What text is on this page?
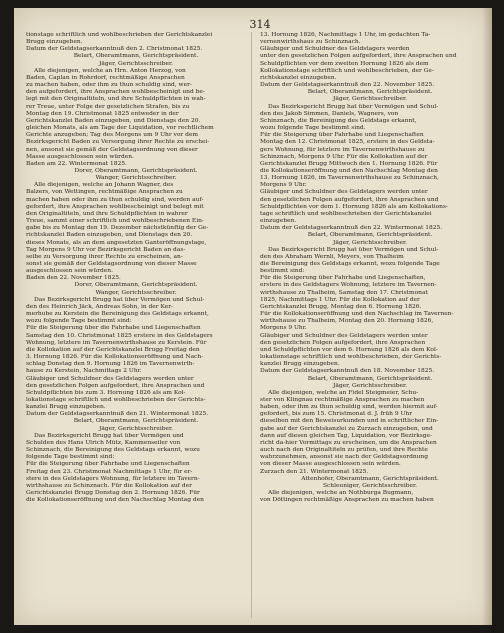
314
tionstage schriftlich und wohlbeschrieben der Gerichtskanzlei
Brugg einzugeben.
Datum der Geldstagserkanntnuß den 2. Christmonat 1825.
Belart, Oberamtmann, Gerichtspräsident.
Jäger, Gerichtsschreiber.
Alle diejenigen, welche an Hrn. Anton Herzog, von
Baden, Caplan in Rohrdorf, rechtmäßige Ansprachen
zu machen haben, oder ihm zu thun schuldig sind, wer-
den aufgefordert, ihre Ansprachen wohlbescheinigt und be-
legt mit den Originaltiteln, und ihre Schuldpflichten in wah-
rer Treue, unter Folge der gesetzlichen Strafen, bis zu
Montag den 19. Christmonat 1825 entweder in der
Gerichtskanzlei Baden einzugeben, und Dienstags den 20.
gleichen Monats, als am Tage der Liquidation, vor rechtlichem
Gerichte anzugeben; Tag des Morgens um 9 Uhr vor dem
Bezirksgericht Baden zu Versorgung ihrer Rechte zu erschei-
nen, ansonst sie gemäß der Geldstagsordnung von dieser
Masse ausgeschlossen sein würden.
Baden am 22. Wintermonat 1825.
Dorer, Oberamtmann, Gerichtspräsident.
Wanger, Gerichtsschreiber.
Alle diejenigen, welche an Johann Wagner, des
Balzers, von Wettingen, rechtmäßige Ansprachen zu
machen haben oder ihm zu thun schuldig sind, werden auf-
gefordert, ihre Ansprachen wohlbescheinigt und belegt mit
den Originaltiteln, und ihre Schuldpflichten in wahrer
Treue, sammt einer schriftlich und wohlbeschriebenen Ein-
gabe bis zu Montag den 19. Dezember nächstkünftig der Ge-
richtskanzlei Baden einzugeben, und Dienstags den 20.
dieses Monats, als an dem angesetzten Ganteröffnungstage,
Tag Morgens 9 Uhr vor Bezirksgericht Baden an das-
selbe zu Versorgung ihrer Rechte zu erscheinen, an-
sonst sie gemäß der Geldstagsordnung von dieser Masse
ausgeschlossen sein würden.
Baden den 22. November 1825.
Dorer, Oberamtmann, Gerichtspräsident.
Wanger, Gerichtsschreiber.
Das Bezirksgericht Brugg hat über Vermögen und Schul-
den des Heinrich Jäck, Andreas Sohn, in der Ker-
merhube zu Kerstein die Bereinigung des Geldstags erkannt,
wozu folgende Tage bestimmt sind:
Für die Steigerung über die Fahrhabe und Liegenschaften
Samstag den 10. Christmonat 1825 erstere in des Geldstagers
Wohnung, letztere im Tavernenwirthshause zu Kerstein. Für
die Kollokation auf der Gerichtskanzlei Brugg Freitag den
3. Hornung 1826. Für die Kollokationseröffnung und Nach-
schlag Donstag den 9. Hornung 1826 im Tavernenwirth-
hause zu Kerstein, Nachmittags 2 Uhr.
Gläubiger und Schuldner des Geldstagers werden unter
den gesetzlichen Folgen aufgefordert, ihre Ansprachen und
Schuldpflichten bis zum 3. Hornung 1826 als am Kol-
lokationstage schriftlich und wohlbeschrieben der Gerichts-
kanzlei Brugg einzugeben.
Datum der Geldstagserkanntnuß den 21. Wintermonat 1825.
Belart, Oberamtmann, Gerichtspräsident.
Jäger, Gerichtsschreiber.
Das Bezirksgericht Brugg hat über Vermögen und
Schulden des Hans Ulrich Mütz, Kammenseiler von
Schinznach, die Bereinigung des Geldstags erkannt, wozu
folgende Tage bestimmt sind:
Für die Steigerung über Fahrhabe und Liegenschaften
Freitag den 23. Christmonat Nachmittags 1 Uhr, für er-
stere in des Geldstagers Wohnung, für letztere im Tavern-
wirthshause zu Schinznach. Für die Kollokation auf der
Gerichtskanzlei Brugg Donstag den 2. Hornung 1826. Für
die Kollokationseröffnung und den Nachschlag Montag den
13. Hornung 1826, Nachmittags 1 Uhr, im gedachten Ta-
vernenwirthshaus zu Schinznach.
Gläubiger und Schuldner des Geldstagers werden
unter den gesetzlichen Folgen aufgefordert, ihre Ansprachen und
Schuldpflichten vor dem zweiten Hornung 1826 als dem
Kollokationstage schriftlich und wohlbeschrieben, der Ge-
richtskanzlei einzugeben.
Datum der Geldstagserkanntnuß den 22. November 1825.
Belart, Oberamtmann, Gerichtspräsident.
Jäger, Gerichtsschreiber.
Das Bezirksgericht Brugg hat über Vermögen und Schul-
den des Jakob Simmen, Daniels, Wagners, von
Schinznach, die Bereinigung des Geldstags erkannt,
wozu folgende Tage bestimmt sind.
Für die Steigerung über Fahrhabe und Liegenschaften
Montag den 12. Christmonat 1825, erstere in des Geldsta-
gers Wohnung, für letztere im Tavernenwirthshause zu
Schinznach, Morgens 9 Uhr. Für die Kollokation auf der
Gerichtskanzlei Brugg Mittwoch den 1. Hornung 1826. Für
die Kollokationseröffnung und den Nachschlag Montag den
13. Hornung 1826, im Tavernenwirthshause zu Schinznach,
Morgens 9 Uhr.
Gläubiger und Schuldner des Geldstagers werden unter
den gesetzlichen Folgen aufgefordert, ihre Ansprachen und
Schuldpflichten vor dem 1. Hornung 1826 als am Kollokations-
tage schriftlich und wohlbeschrieben der Gerichtskanzlei
einzugeben.
Datum der Geldstagserkanntnuß den 22. Wintermonat 1825.
Belart, Oberamtmann, Gerichtspräsident.
Jäger, Gerichtsschreiber.
Das Bezirksgericht Brugg hat über Vermögen und Schul-
den des Abraham Wernli, Meyers, von Thalheim
die Bereinigung des Geldstags erkannt, wozu folgende Tage
bestimmt sind:
Für die Steigerung über Fahrhabe und Liegenschaften,
erstere in des Geldstagers Wohnung, letztere im Tavernen-
wirthshause zu Thalheim, Samstag den 17. Christmonat
1825, Nachmittags 1 Uhr. Für die Kollokation auf der
Gerichtskanzlei Brugg, Montag den 6. Hornung 1826.
Für die Kollokationseröffnung und den Nachschlag im Tavernen-
wirthshause zu Thalheim, Montag den 20. Hornung 1826,
Morgens 9 Uhr.
Gläubiger und Schuldner des Geldstagers werden unter
den gesetzlichen Folgen aufgefordert, ihre Ansprachen
und Schuldpflichten vor dem 6. Hornung 1826 als dem Kol-
lokationstage schriftlich und wohlbeschrieben, der Gerichts-
kanzlei Brugg einzugeben.
Datum der Geldstagserkanntnuß den 18. November 1825.
Belart, Oberamtmann, Gerichtspräsident.
Jäger, Gerichtsschreiber.
Alle diejenigen, welche an Fidel Steigmeier, Schu-
ster von Klingnau rechtmäßige Ansprachen zu machen
haben, oder ihm zu thun schuldig sind, werden hiermit auf-
gefordert, bis zum 15. Christmonat d. J. früh 9 Uhr
dieselben mit den Beweisurkunden und in schriftlicher Ein-
gabe auf der Gerichtskanzlei zu Zurzach einzugeben, und
dann auf diesen gleichen Tag, Liquidation, vor Bezirksge-
richt da-hier Vormittags zu erscheinen, um die Ansprachen
auch nach den Originaltiteln zu prüfen, und ihre Rechte
wahrzunehmen, ansonst sie nach der Geldstagsordnung
von dieser Masse ausgeschlossen sein würden.
Zurzach den 21. Wintermonat 1825.
Attenhofer, Oberamtmann, Gerichtspräsident.
Schleuniger, Gerichtsschreiber.
Alle diejenigen, welche an Nothburga Bugmann,
von Döttingen rechtmäßige Ansprachen zu machen haben
